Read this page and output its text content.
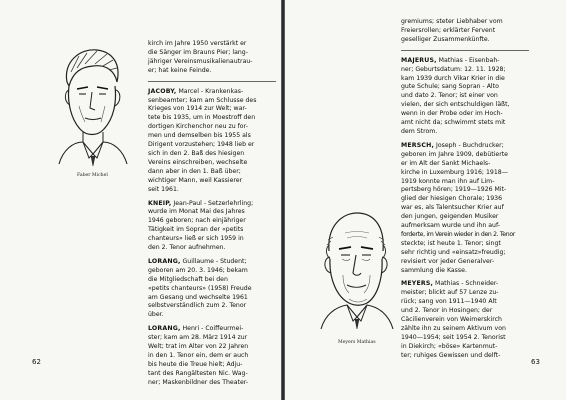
Faber Michel
kirch im Jahre 1950 verstärkt er
die Sänger im Brauns Pier; lang-
jähriger Vereinsmusikalienautrau-
er; hat keine Feinde.
JACOBY, Marcel - Krankenkas-
senbeamter; kam am Schlusse des
Krieges von 1914 zur Welt; war-
tete bis 1935, um in Moestroff den
dortigen Kirchenchor neu zu for-
men und demselben bis 1955 als
Dirigent vorzustehen; 1948 lieb er
sich in den 2. Baß des hiesigen
Vereins einschreiben, wechselte
dann aber in den 1. Baß über;
wichtiger Mann, weil Kassierer
seit 1961.
KNEIP, Jean-Paul - Setzerlehrling;
wurde im Monat Mai des Jahres
1946 geboren; nach einjähriger
Tätigkeit im Sopran der «petits
chanteurs» ließ er sich 1959 in
den 2. Tenor aufnehmen.
LORANG, Guillaume - Student;
geboren am 20. 3. 1946; bekam
die Mitgliedschaft bei den
«petits chanteurs» (1958) Freude
am Gesang und wechselte 1961
selbstverständlich zum 2. Tenor
über.
LORANG, Henri - Coiffeurmei-
ster; kam am 28. März 1914 zur
Welt; trat im Alter von 22 Jahren
in den 1. Tenor ein, dem er auch
bis heute die Treue hielt; Adju-
tant des Rangältesten Nic. Wag-
ner; Maskenbildner des Theater-
62
gremiums; steter Liebhaber vom
Freiersrollen; erklärter Fervent
geselliger Zusammenkünfte.
MAJERUS, Mathias - Eisenbah-
ner; Geburtsdatum: 12. 11. 1928;
kam 1939 durch Vikar Krier in die
gute Schule; sang Sopran - Alto
und dato 2. Tenor; ist einer von
vielen, der sich entschuldigen läßt,
wenn in der Probe oder im Hoch-
amt nicht da; schwimmt stets mit
dem Strom.
MERSCH, Joseph - Buchdrucker;
geboren im Jahre 1909, debütierte
er im Alt der Sankt Michaels-
kirche in Luxemburg 1916; 1918—
1919 konnte man ihn auf Lim-
pertsberg hören; 1919—1926 Mit-
glied der hiesigen Chorale; 1936
war es, als Talentsucher Krier auf
den jungen, geigenden Musiker
aufmerksam wurde und ihn auf-
forderte, im Verein wieder in den 2. Tenor
steckte; ist heute 1. Tenor; singt
sehr richtig und «einsatz»freudig;
revisiert vor jeder Generalver-
sammlung die Kasse.
MEYERS, Mathias - Schneider-
meister; blickt auf 57 Lenze zu-
rück; sang von 1911—1940 Alt
und 2. Tenor in Hosingen; der
Cäcilienverein von Weimerskirch
zählte ihn zu seinem Aktivum von
1940—1954; seit 1954 2. Tenorist
in Diekirch; «böse» Kartenmut-
ter; ruhiges Gewissen und delft-
Meyers Mathias
63
